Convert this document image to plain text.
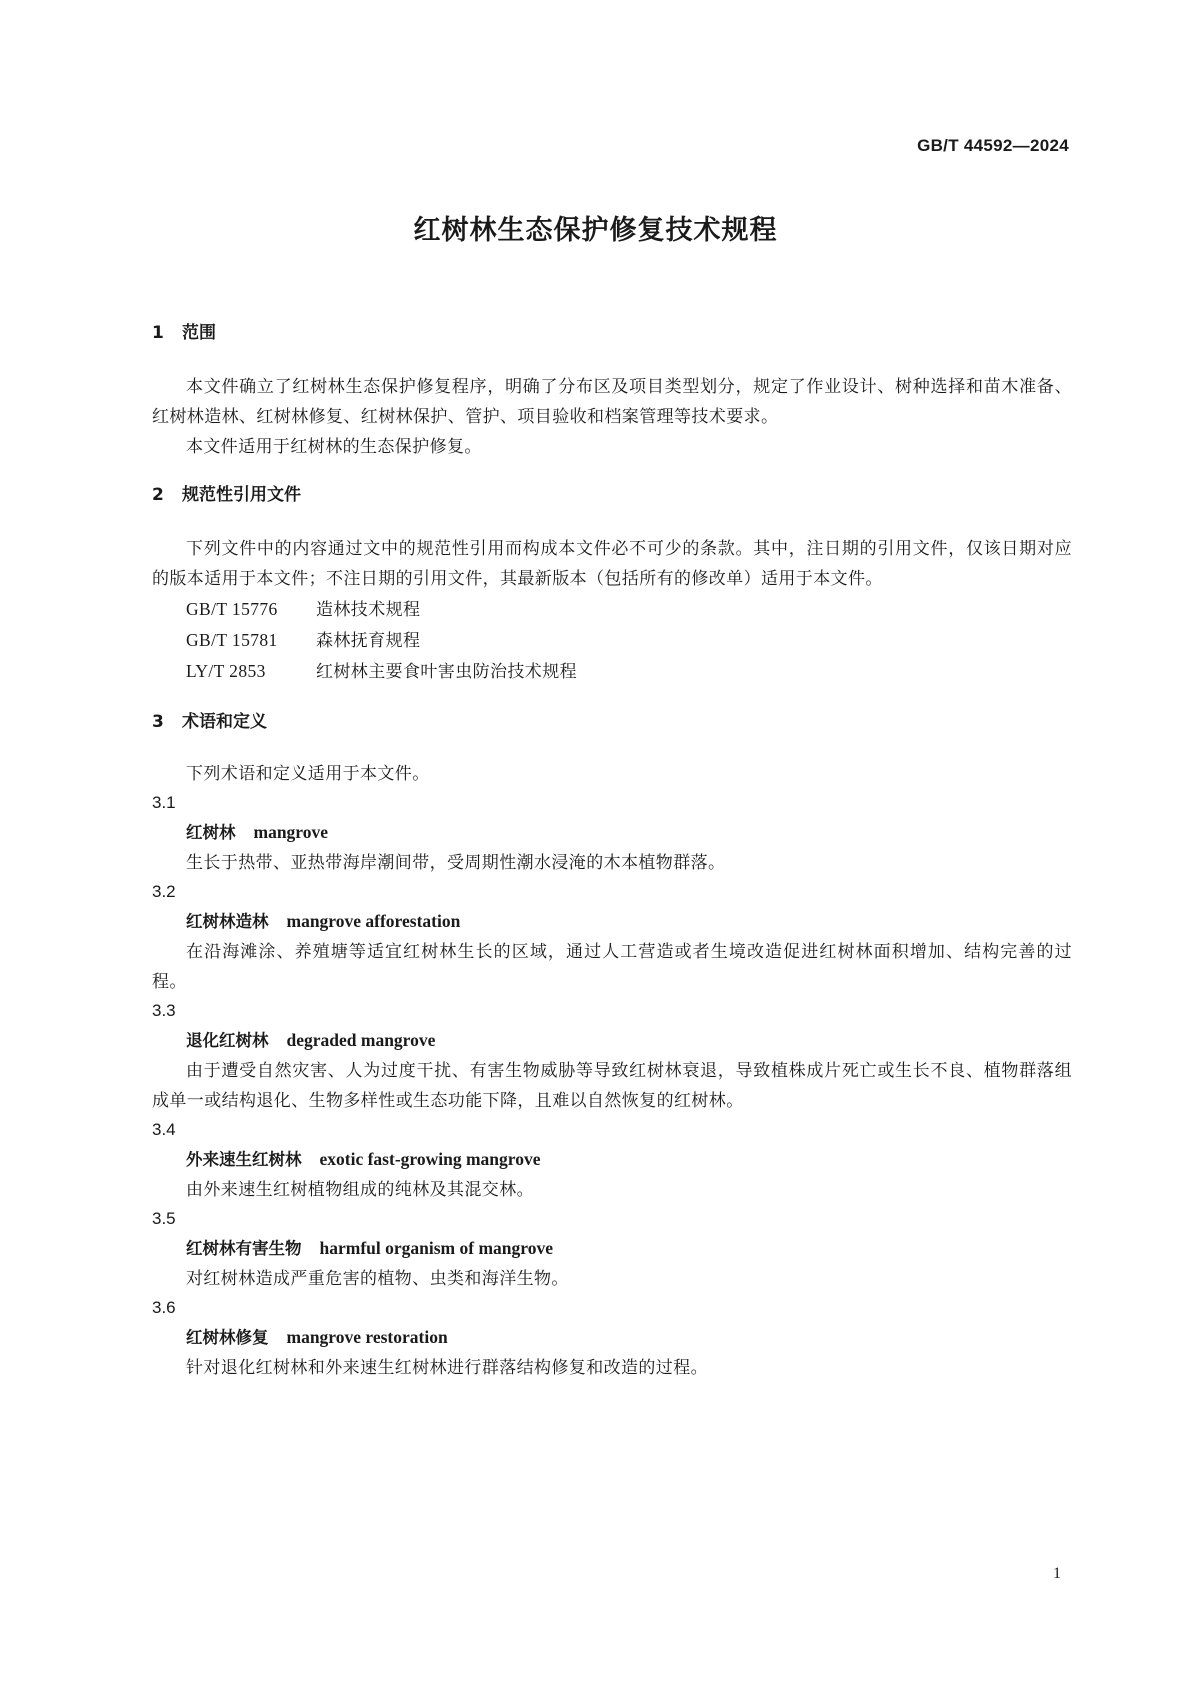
GB/T 44592—2024
红树林生态保护修复技术规程
1 范围

本文件确立了红树林生态保护修复程序，明确了分布区及项目类型划分，规定了作业设计、树种选择和苗木准备、红树林造林、红树林修复、红树林保护、管护、项目验收和档案管理等技术要求。

本文件适用于红树林的生态保护修复。

2 规范性引用文件

下列文件中的内容通过文中的规范性引用而构成本文件必不可少的条款。其中，注日期的引用文件，仅该日期对应的版本适用于本文件；不注日期的引用文件，其最新版本（包括所有的修改单）适用于本文件。

GB/T 15776 造林技术规程

GB/T 15781 森林抚育规程

LY/T 2853	红树林主要食叶害虫防治技术规程

3 术语和定义

下列术语和定义适用于本文件。

3.1

红树林 mangrove

生长于热带、亚热带海岸潮间带，受周期性潮水浸淹的木本植物群落。

3.2

红树林造林 mangrove afforestation

在沿海滩涂、养殖塘等适宜红树林生长的区域，通过人工营造或者生境改造促进红树林面积增加、结构完善的过程。

3.3

退化红树林 degraded mangrove

由于遭受自然灾害、人为过度干扰、有害生物威胁等导致红树林衰退，导致植株成片死亡或生长不良、植物群落组成单一或结构退化、生物多样性或生态功能下降，且难以自然恢复的红树林。

3.4

外来速生红树林 exotic fast-growing mangrove

由外来速生红树植物组成的纯林及其混交林。

3.5

红树林有害生物 harmful organism of mangrove

对红树林造成严重危害的植物、虫类和海洋生物。

3.6

红树林修复 mangrove restoration

针对退化红树林和外来速生红树林进行群落结构修复和改造的过程。

1
